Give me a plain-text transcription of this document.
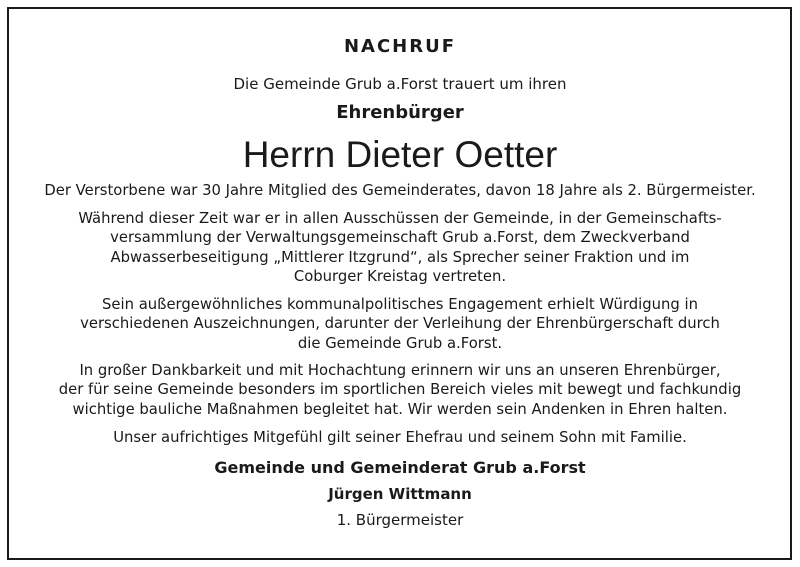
NACHRUF
Die Gemeinde Grub a.Forst trauert um ihren
Ehrenbürger
Herrn Dieter Oetter
Der Verstorbene war 30 Jahre Mitglied des Gemeinderates, davon 18 Jahre als 2. Bürgermeister.
Während dieser Zeit war er in allen Ausschüssen der Gemeinde, in der Gemeinschafts-
versammlung der Verwaltungsgemeinschaft Grub a.Forst, dem Zweckverband
Abwasserbeseitigung „Mittlerer Itzgrund“, als Sprecher seiner Fraktion und im
Coburger Kreistag vertreten.
Sein außergewöhnliches kommunalpolitisches Engagement erhielt Würdigung in
verschiedenen Auszeichnungen, darunter der Verleihung der Ehrenbürgerschaft durch
die Gemeinde Grub a.Forst.
In großer Dankbarkeit und mit Hochachtung erinnern wir uns an unseren Ehrenbürger,
der für seine Gemeinde besonders im sportlichen Bereich vieles mit bewegt und fachkundig
wichtige bauliche Maßnahmen begleitet hat. Wir werden sein Andenken in Ehren halten.
Unser aufrichtiges Mitgefühl gilt seiner Ehefrau und seinem Sohn mit Familie.
Gemeinde und Gemeinderat Grub a.Forst
Jürgen Wittmann
1. Bürgermeister
